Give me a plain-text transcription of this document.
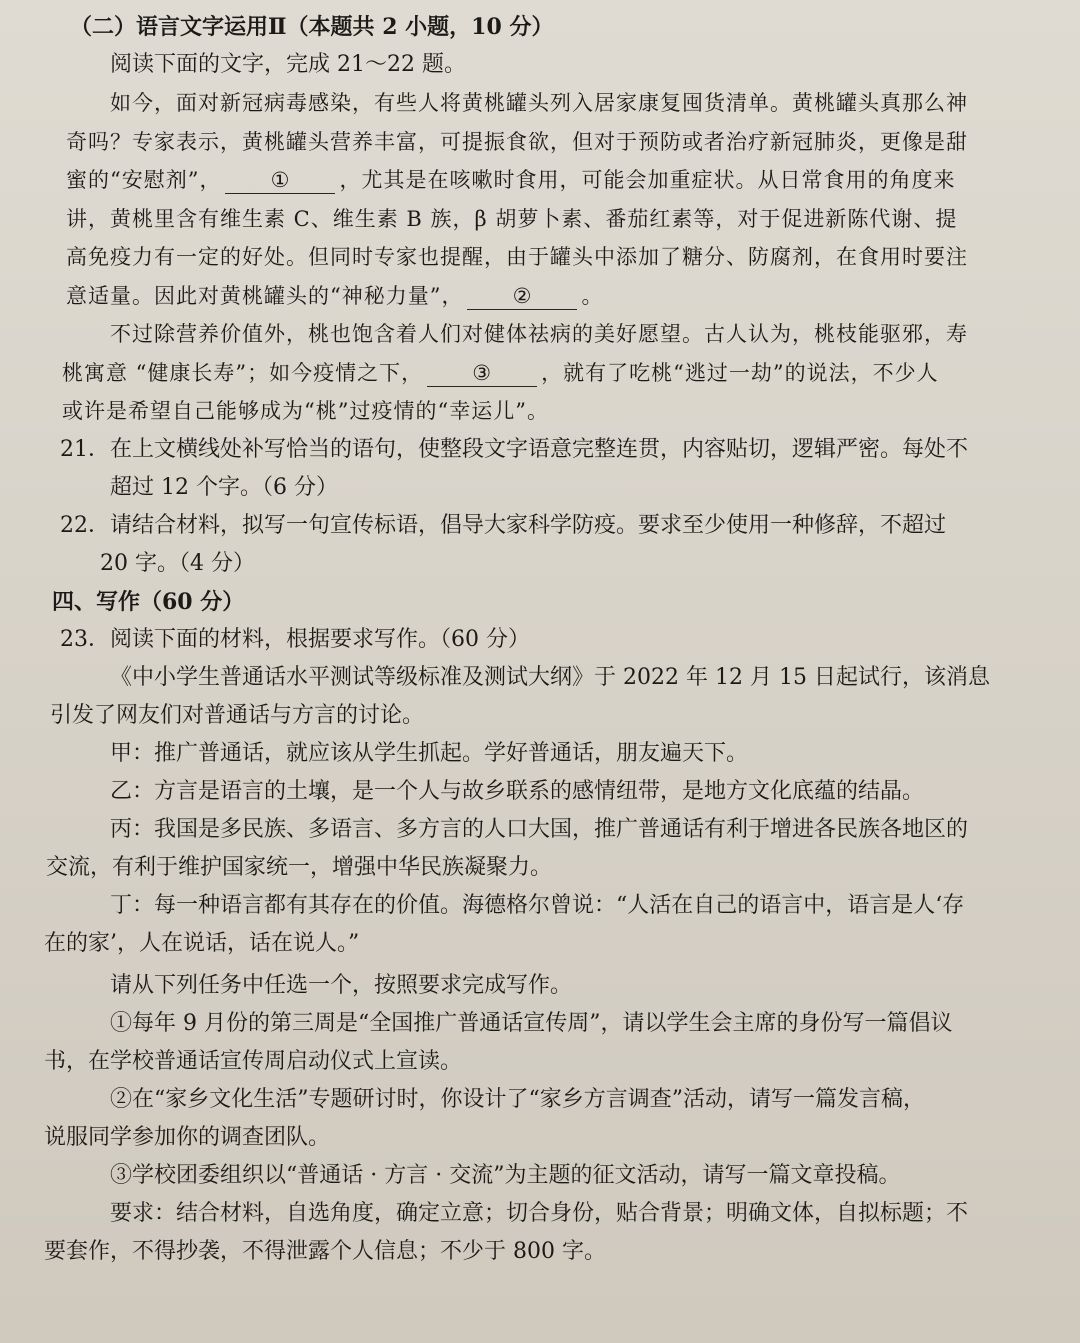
（二）语言文字运用Ⅱ（本题共 2 小题，10 分）
阅读下面的文字，完成 21～22 题。
如今，面对新冠病毒感染，有些人将黄桃罐头列入居家康复囤货清单。黄桃罐头真那么神
奇吗？专家表示，黄桃罐头营养丰富，可提振食欲，但对于预防或者治疗新冠肺炎，更像是甜
蜜的“安慰剂”， ① ，尤其是在咳嗽时食用，可能会加重症状。从日常食用的角度来
讲，黄桃里含有维生素 C、维生素 B 族，β 胡萝卜素、番茄红素等，对于促进新陈代谢、提
高免疫力有一定的好处。但同时专家也提醒，由于罐头中添加了糖分、防腐剂，在食用时要注
意适量。因此对黄桃罐头的“神秘力量”， ② 。
不过除营养价值外，桃也饱含着人们对健体祛病的美好愿望。古人认为，桃枝能驱邪，寿
桃寓意 “健康长寿”；如今疫情之下， ③ ，就有了吃桃“逃过一劫”的说法，不少人
或许是希望自己能够成为“桃”过疫情的“幸运儿”。
21．在上文横线处补写恰当的语句，使整段文字语意完整连贯，内容贴切，逻辑严密。每处不
超过 12 个字。（6 分）
22．请结合材料，拟写一句宣传标语，倡导大家科学防疫。要求至少使用一种修辞，不超过
20 字。（4 分）
四、写作（60 分）
23．阅读下面的材料，根据要求写作。（60 分）
《中小学生普通话水平测试等级标准及测试大纲》于 2022 年 12 月 15 日起试行，该消息
引发了网友们对普通话与方言的讨论。
甲：推广普通话，就应该从学生抓起。学好普通话，朋友遍天下。
乙：方言是语言的土壤，是一个人与故乡联系的感情纽带，是地方文化底蕴的结晶。
丙：我国是多民族、多语言、多方言的人口大国，推广普通话有利于增进各民族各地区的
交流，有利于维护国家统一，增强中华民族凝聚力。
丁：每一种语言都有其存在的价值。海德格尔曾说：“人活在自己的语言中，语言是人‘存
在的家’，人在说话，话在说人。”
请从下列任务中任选一个，按照要求完成写作。
①每年 9 月份的第三周是“全国推广普通话宣传周”，请以学生会主席的身份写一篇倡议
书，在学校普通话宣传周启动仪式上宣读。
②在“家乡文化生活”专题研讨时，你设计了“家乡方言调查”活动，请写一篇发言稿，
说服同学参加你的调查团队。
③学校团委组织以“普通话 · 方言 · 交流”为主题的征文活动，请写一篇文章投稿。
要求：结合材料，自选角度，确定立意；切合身份，贴合背景；明确文体，自拟标题；不
要套作，不得抄袭，不得泄露个人信息；不少于 800 字。
